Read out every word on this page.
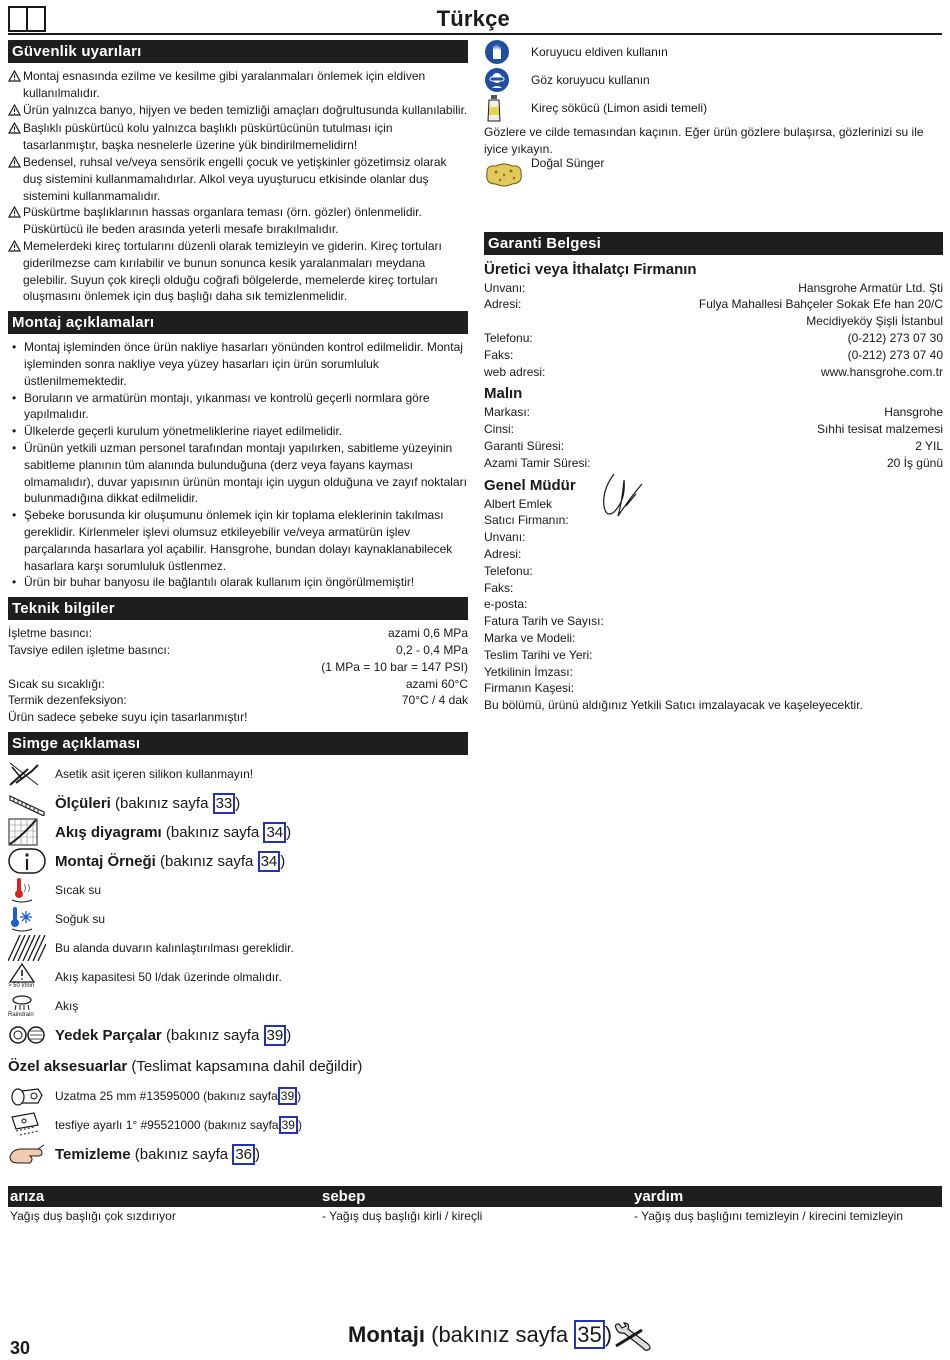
Türkçe
Güvenlik uyarıları
Montaj esnasında ezilme ve kesilme gibi yaralanmaları önlemek için eldiven kullanılmalıdır.
Ürün yalnızca banyo, hijyen ve beden temizliği amaçları doğrultusunda kullanılabilir.
Başlıklı püskürtücü kolu yalnızca başlıklı püskürtücünün tutulması için tasarlanmıştır, başka nesnelerle üzerine yük bindirilmemelidirn!
Bedensel, ruhsal ve/veya sensörik engelli çocuk ve yetişkinler gözetimsiz olarak duş sistemini kullanmamalıdırlar. Alkol veya uyuşturucu etkisinde olanlar duş sistemini kullanmamalıdır.
Püskürtme başlıklarının hassas organlara teması (örn. gözler) önlenmelidir. Püskürtücü ile beden arasında yeterli mesafe bırakılmalıdır.
Memelerdeki kireç tortularını düzenli olarak temizleyin ve giderin. Kireç tortuları giderilmezse cam kırılabilir ve bunun sonunca kesik yaralanmaları meydana gelebilir. Suyun çok kireçli olduğu coğrafi bölgelerde, memelerde kireç tortuları oluşmasını önlemek için duş başlığı daha sık temizlenmelidir.
Montaj açıklamaları
• Montaj işleminden önce ürün nakliye hasarları yönünden kontrol edilmelidir. Montaj işleminden sonra nakliye veya yüzey hasarları için ürün sorumluluk üstlenilmemektedir.
• Boruların ve armatürün montajı, yıkanması ve kontrolü geçerli normlara göre yapılmalıdır.
• Ülkelerde geçerli kurulum yönetmeliklerine riayet edilmelidir.
• Ürünün yetkili uzman personel tarafından montajı yapılırken, sabitleme yüzeyinin sabitleme planının tüm alanında bulunduğuna (derz veya fayans kayması olmamalıdır), duvar yapısının ürünün montajı için uygun olduğuna ve zayıf noktaları bulunmadığına dikkat edilmelidir.
• Şebeke borusunda kir oluşumunu önlemek için kir toplama eleklerinin takılması gereklidir. Kirlenmeler işlevi olumsuz etkileyebilir ve/veya armatürün işlev parçalarında hasarlara yol açabilir. Hansgrohe, bundan dolayı kaynaklanabilecek hasarlara karşı sorumluluk üstlenmez.
• Ürün bir buhar banyosu ile bağlantılı olarak kullanım için öngörülmemiştir!
Teknik bilgiler
İşletme basıncı:	azami 0,6 MPa
Tavsiye edilen işletme basıncı:	0,2 - 0,4 MPa
(1 MPa = 10 bar = 147 PSI)
Sıcak su sıcaklığı:	azami 60°C
Termik dezenfeksiyon:	70°C / 4 dak
Ürün sadece şebeke suyu için tasarlanmıştır!
Simge açıklaması
Asetik asit içeren silikon kullanmayın!
Ölçüleri (bakınız sayfa 33 )
Akış diyagramı (bakınız sayfa 34 )
Montaj Örneği (bakınız sayfa 34 )
Sıcak su
Soğuk su
Bu alanda duvarın kalınlaştırılması gereklidir.
> 50 l/min
Akış kapasitesi 50 l/dak üzerinde olmalıdır.
Raindrain
Akış
Yedek Parçalar (bakınız sayfa 39 )
Özel aksesuarlar (Teslimat kapsamına dahil değildir)
Uzatma 25 mm #13595000 (bakınız sayfa 39 )
tesfiye ayarlı 1° #95521000 (bakınız sayfa 39 )
Temizleme (bakınız sayfa 36 )
Koruyucu eldiven kullanın
Göz koruyucu kullanın
Kireç sökücü (Limon asidi temeli)
Gözlere ve cilde temasından kaçının. Eğer ürün gözlere bulaşırsa, gözlerinizi su ile iyice yıkayın.
Doğal Sünger
Garanti Belgesi
Üretici veya İthalatçı Firmanın
Unvanı:	Hansgrohe Armatür Ltd. Şti
Adresi:	Fulya Mahallesi Bahçeler Sokak Efe han 20/C
Mecidiyeköy Şişli İstanbul
Telefonu:	(0-212) 273 07 30
Faks:	(0-212) 273 07 40
web adresi:	www.hansgrohe.com.tr
Malın
Markası:	Hansgrohe
Cinsi:	Sıhhi tesisat malzemesi
Garanti Süresi:	2 YIL
Azami Tamir Süresi:	20 İş günü
Genel Müdür
Albert Emlek
Satıcı Firmanın:
Unvanı:
Adresi:
Telefonu:
Faks:
e-posta:
Fatura Tarih ve Sayısı:
Marka ve Modeli:
Teslim Tarihi ve Yeri:
Yetkilinin İmzası:
Firmanın Kaşesi:
Bu bölümü, ürünü aldığınız Yetkili Satıcı imzalayacak ve kaşeleyecektir.
arıza	sebep	yardım
Yağış duş başlığı çok sızdırıyor	- Yağış duş başlığı kirli / kireçli	- Yağış duş başlığını temizleyin / kirecini temizleyin
30
Montajı (bakınız sayfa 35 )
